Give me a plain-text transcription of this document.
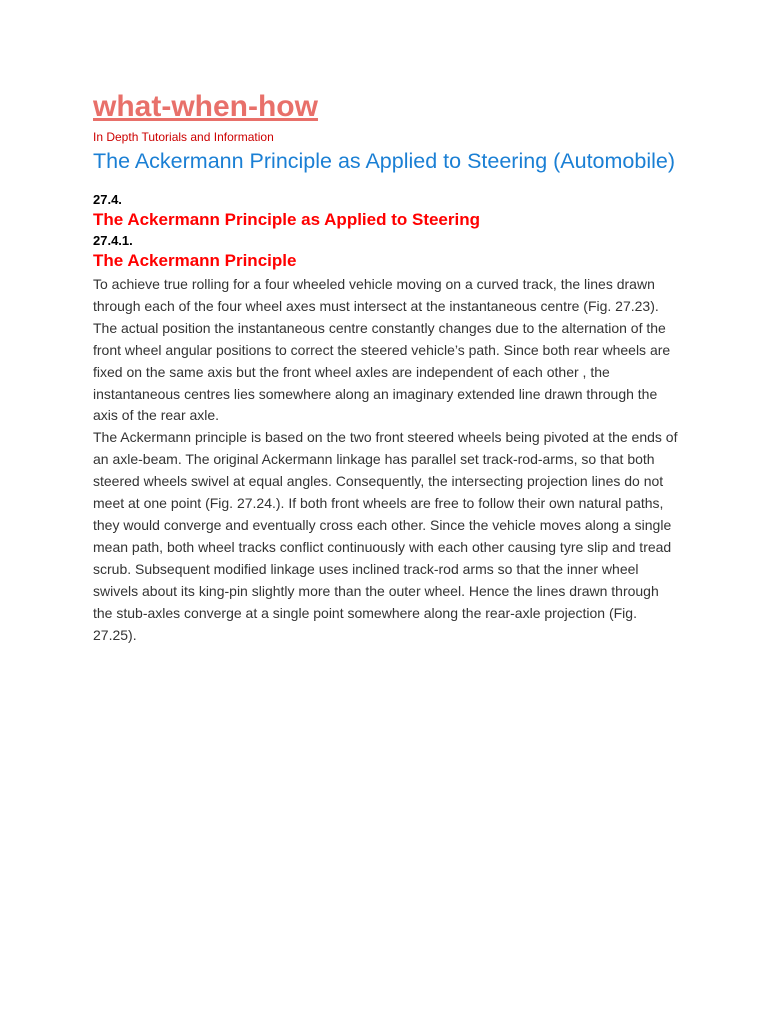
what-when-how

In Depth Tutorials and Information

The Ackermann Principle as Applied to Steering (Automobile)

27.4.

The Ackermann Principle as Applied to Steering

27.4.1.

The Ackermann Principle

To achieve true rolling for a four wheeled vehicle moving on a curved track, the lines drawn through each of the four wheel axes must intersect at the instantaneous centre (Fig. 27.23). The actual position the instantaneous centre constantly changes due to the alternation of the front wheel angular positions to correct the steered vehicle’s path. Since both rear wheels are fixed on the same axis but the front wheel axles are independent of each other , the instantaneous centres lies somewhere along an imaginary extended line drawn through the axis of the rear axle.

The Ackermann principle is based on the two front steered wheels being pivoted at the ends of an axle-beam. The original Ackermann linkage has parallel set track-rod-arms, so that both steered wheels swivel at equal angles. Consequently, the intersecting projection lines do not meet at one point (Fig. 27.24.). If both front wheels are free to follow their own natural paths, they would converge and eventually cross each other. Since the vehicle moves along a single mean path, both wheel tracks conflict continuously with each other causing tyre slip and tread scrub. Subsequent modified linkage uses inclined track-rod arms so that the inner wheel swivels about its king-pin slightly more than the outer wheel. Hence the lines drawn through the stub-axles converge at a single point somewhere along the rear-axle projection (Fig. 27.25).
